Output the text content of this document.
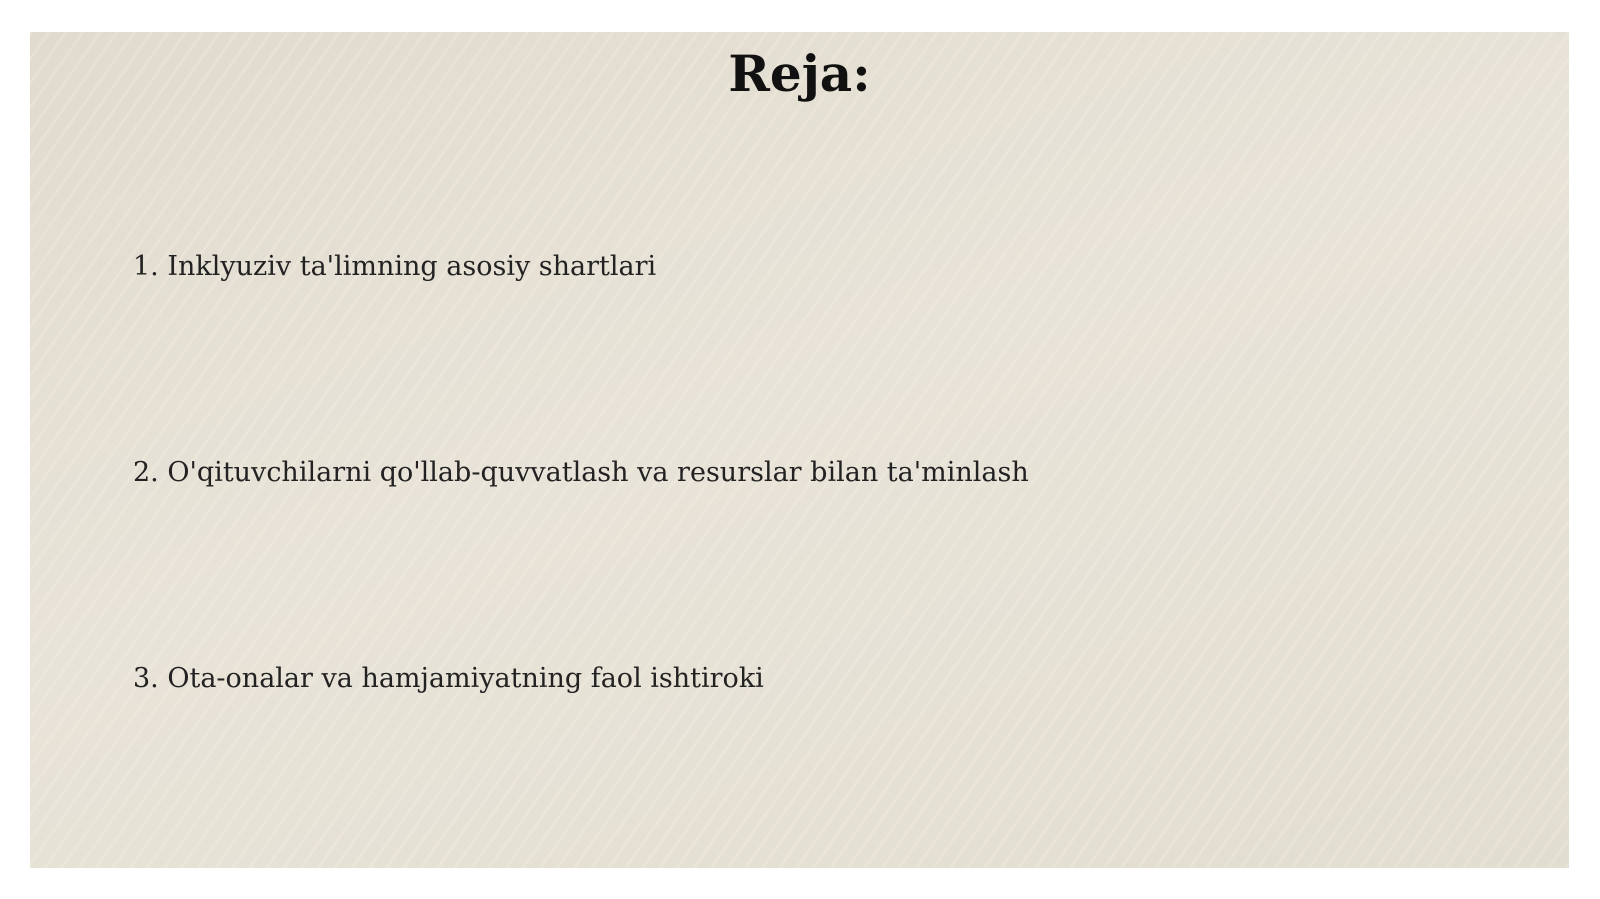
Reja:

1. Inklyuziv ta'limning asosiy shartlari

2. O'qituvchilarni qo'llab-quvvatlash va resurslar bilan ta'minlash

3. Ota-onalar va hamjamiyatning faol ishtiroki
